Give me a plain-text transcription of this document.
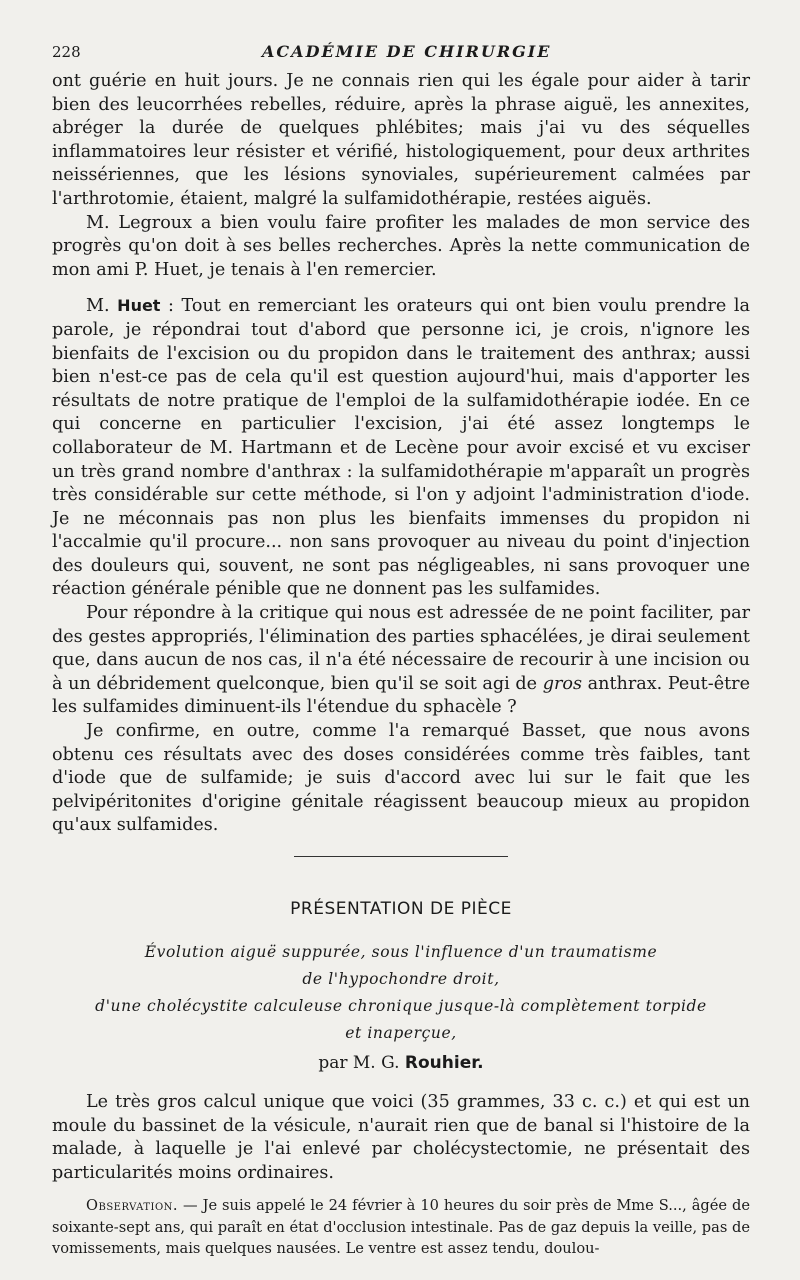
228	ACADÉMIE DE CHIRURGIE

ont guérie en huit jours. Je ne connais rien qui les égale pour aider à tarir bien des leucorrhées rebelles, réduire, après la phrase aiguë, les annexites, abréger la durée de quelques phlébites; mais j'ai vu des séquelles inflammatoires leur résister et vérifié, histologiquement, pour deux arthrites neissériennes, que les lésions synoviales, supérieurement calmées par l'arthrotomie, étaient, malgré la sulfamidothérapie, restées aiguës.

M. Legroux a bien voulu faire profiter les malades de mon service des progrès qu'on doit à ses belles recherches. Après la nette communication de mon ami P. Huet, je tenais à l'en remercier.

M. Huet : Tout en remerciant les orateurs qui ont bien voulu prendre la parole, je répondrai tout d'abord que personne ici, je crois, n'ignore les bienfaits de l'excision ou du propidon dans le traitement des anthrax; aussi bien n'est-ce pas de cela qu'il est question aujourd'hui, mais d'apporter les résultats de notre pratique de l'emploi de la sulfamidothérapie iodée. En ce qui concerne en particulier l'excision, j'ai été assez longtemps le collaborateur de M. Hartmann et de Lecène pour avoir excisé et vu exciser un très grand nombre d'anthrax : la sulfamidothérapie m'apparaît un progrès très considérable sur cette méthode, si l'on y adjoint l'administration d'iode. Je ne méconnais pas non plus les bienfaits immenses du propidon ni l'accalmie qu'il procure... non sans provoquer au niveau du point d'injection des douleurs qui, souvent, ne sont pas négligeables, ni sans provoquer une réaction générale pénible que ne donnent pas les sulfamides.

Pour répondre à la critique qui nous est adressée de ne point faciliter, par des gestes appropriés, l'élimination des parties sphacélées, je dirai seulement que, dans aucun de nos cas, il n'a été nécessaire de recourir à une incision ou à un débridement quelconque, bien qu'il se soit agi de gros anthrax. Peut-être les sulfamides diminuent-ils l'étendue du sphacèle ?

Je confirme, en outre, comme l'a remarqué Basset, que nous avons obtenu ces résultats avec des doses considérées comme très faibles, tant d'iode que de sulfamide; je suis d'accord avec lui sur le fait que les pelvipéritonites d'origine génitale réagissent beaucoup mieux au propidon qu'aux sulfamides.

PRÉSENTATION DE PIÈCE
Évolution aiguë suppurée, sous l'influence d'un traumatisme
de l'hypochondre droit,
d'une cholécystite calculeuse chronique jusque-là complètement torpide
et inaperçue,
par M. G. Rouhier.

Le très gros calcul unique que voici (35 grammes, 33 c. c.) et qui est un moule du bassinet de la vésicule, n'aurait rien que de banal si l'histoire de la malade, à laquelle je l'ai enlevé par cholécystectomie, ne présentait des particularités moins ordinaires.

Observation. — Je suis appelé le 24 février à 10 heures du soir près de Mme S..., âgée de soixante-sept ans, qui paraît en état d'occlusion intestinale. Pas de gaz depuis la veille, pas de vomissements, mais quelques nausées. Le ventre est assez tendu, doulou-
